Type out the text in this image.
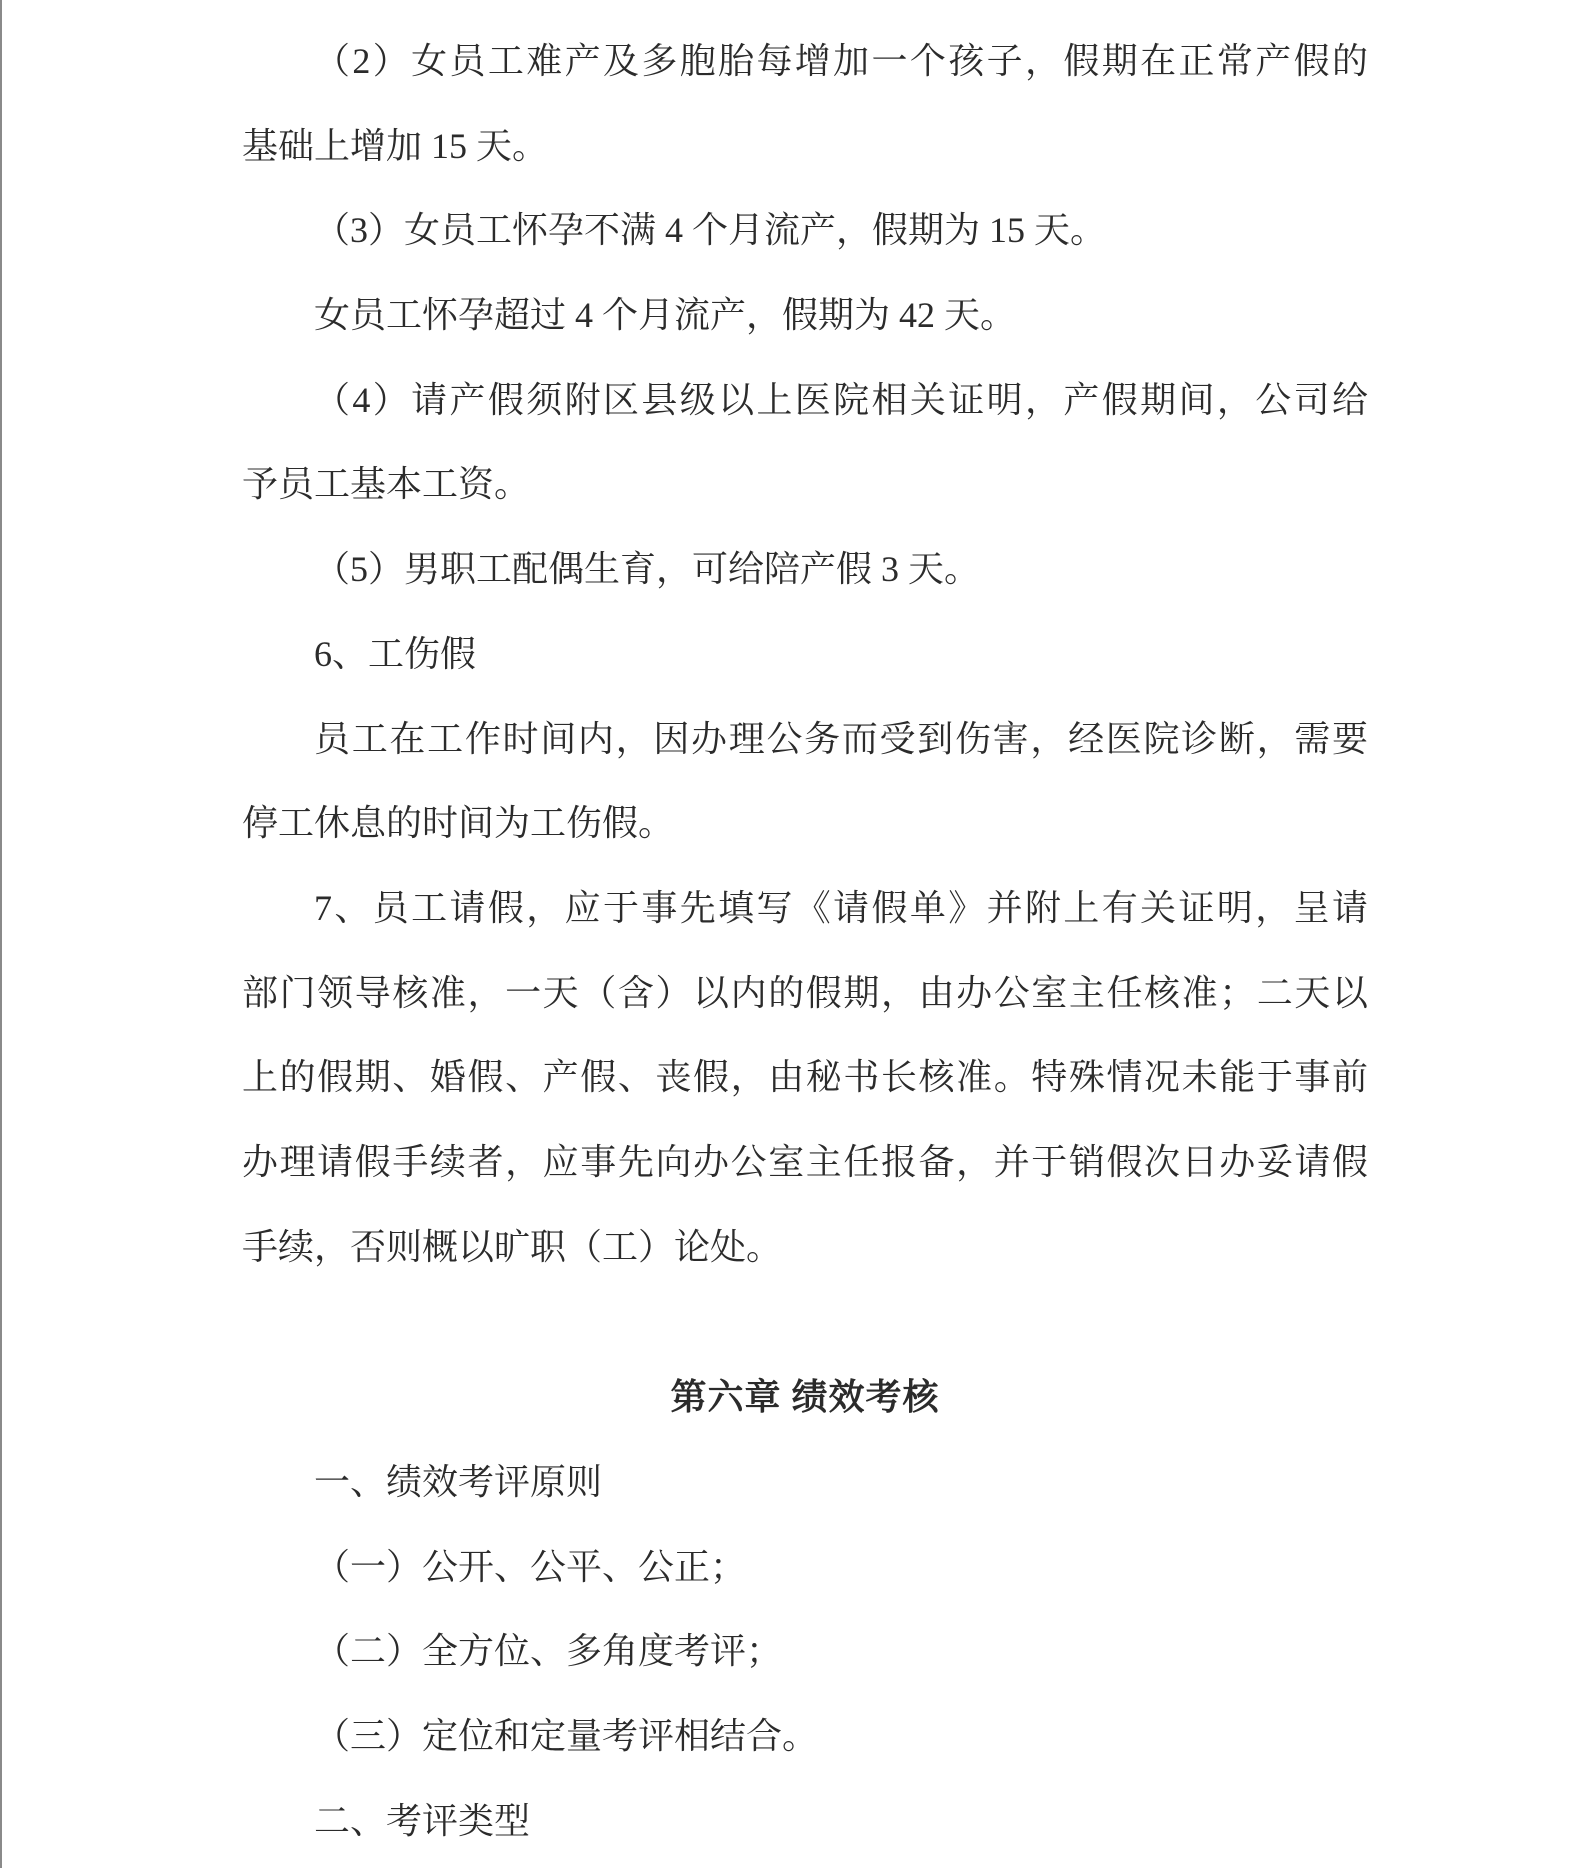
（2）女员工难产及多胞胎每增加一个孩子，假期在正常产假的
基础上增加 15 天。
（3）女员工怀孕不满 4 个月流产，假期为 15 天。
女员工怀孕超过 4 个月流产，假期为 42 天。
（4）请产假须附区县级以上医院相关证明，产假期间，公司给
予员工基本工资。
（5）男职工配偶生育，可给陪产假 3 天。
6、工伤假
员工在工作时间内，因办理公务而受到伤害，经医院诊断，需要
停工休息的时间为工伤假。
7、员工请假，应于事先填写《请假单》并附上有关证明，呈请
部门领导核准，一天（含）以内的假期，由办公室主任核准；二天以
上的假期、婚假、产假、丧假，由秘书长核准。特殊情况未能于事前
办理请假手续者，应事先向办公室主任报备，并于销假次日办妥请假
手续，否则概以旷职（工）论处。
第六章 绩效考核
一、绩效考评原则
（一）公开、公平、公正；
（二）全方位、多角度考评；
（三）定位和定量考评相结合。
二、考评类型
